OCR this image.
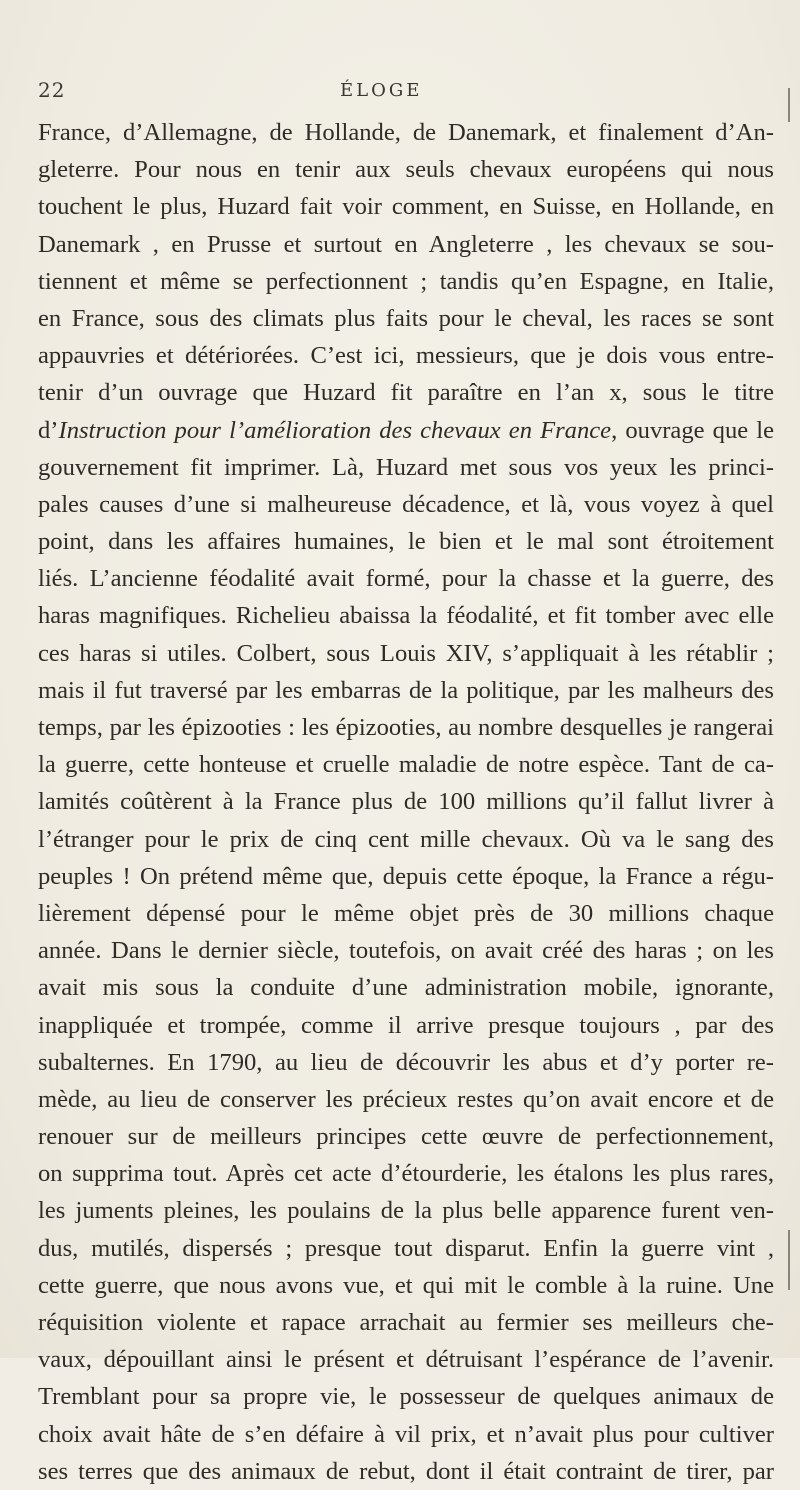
22	ÉLOGE
France, d’Allemagne, de Hollande, de Danemark, et finalement d’An-
gleterre. Pour nous en tenir aux seuls chevaux européens qui nous
touchent le plus, Huzard fait voir comment, en Suisse, en Hollande, en
Danemark , en Prusse et surtout en Angleterre , les chevaux se sou-
tiennent et même se perfectionnent ; tandis qu’en Espagne, en Italie,
en France, sous des climats plus faits pour le cheval, les races se sont
appauvries et détériorées. C’est ici, messieurs, que je dois vous entre-
tenir d’un ouvrage que Huzard fit paraître en l’an x, sous le titre
d’Instruction pour l’amélioration des chevaux en France, ouvrage que le
gouvernement fit imprimer. Là, Huzard met sous vos yeux les princi-
pales causes d’une si malheureuse décadence, et là, vous voyez à quel
point, dans les affaires humaines, le bien et le mal sont étroitement
liés. L’ancienne féodalité avait formé, pour la chasse et la guerre, des
haras magnifiques. Richelieu abaissa la féodalité, et fit tomber avec elle
ces haras si utiles. Colbert, sous Louis XIV, s’appliquait à les rétablir ;
mais il fut traversé par les embarras de la politique, par les malheurs des
temps, par les épizooties : les épizooties, au nombre desquelles je rangerai
la guerre, cette honteuse et cruelle maladie de notre espèce. Tant de ca-
lamités coûtèrent à la France plus de 100 millions qu’il fallut livrer à
l’étranger pour le prix de cinq cent mille chevaux. Où va le sang des
peuples ! On prétend même que, depuis cette époque, la France a régu-
lièrement dépensé pour le même objet près de 30 millions chaque
année. Dans le dernier siècle, toutefois, on avait créé des haras ; on les
avait mis sous la conduite d’une administration mobile, ignorante,
inappliquée et trompée, comme il arrive presque toujours , par des
subalternes. En 1790, au lieu de découvrir les abus et d’y porter re-
mède, au lieu de conserver les précieux restes qu’on avait encore et de
renouer sur de meilleurs principes cette œuvre de perfectionnement,
on supprima tout. Après cet acte d’étourderie, les étalons les plus rares,
les juments pleines, les poulains de la plus belle apparence furent ven-
dus, mutilés, dispersés ; presque tout disparut. Enfin la guerre vint ,
cette guerre, que nous avons vue, et qui mit le comble à la ruine. Une
réquisition violente et rapace arrachait au fermier ses meilleurs che-
vaux, dépouillant ainsi le présent et détruisant l’espérance de l’avenir.
Tremblant pour sa propre vie, le possesseur de quelques animaux de
choix avait hâte de s’en défaire à vil prix, et n’avait plus pour cultiver
ses terres que des animaux de rebut, dont il était contraint de tirer, par
